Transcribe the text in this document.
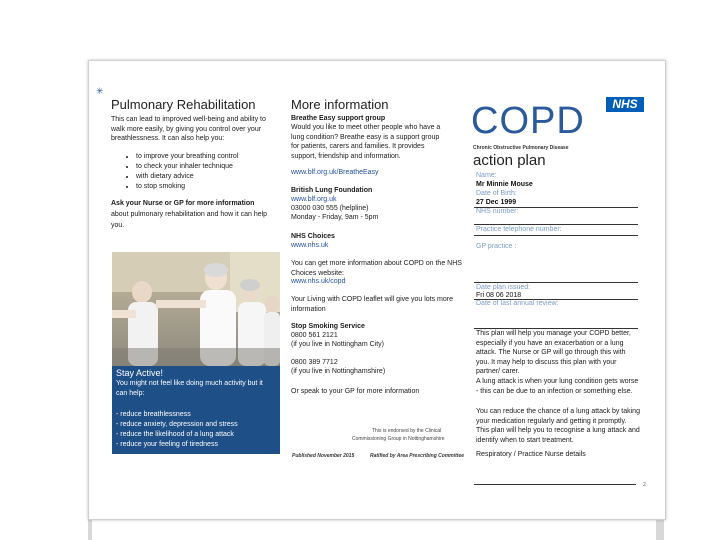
✳
Pulmonary Rehabilitation
This can lead to improved well-being and ability to walk more easily, by giving you control over your breathlessness. It can also help you:
• to improve your breathing control
• to check your inhaler technique
• with dietary advice
• to stop smoking
Ask your Nurse or GP for more information
about pulmonary rehabilitation and how it can help you.
Stay Active!
You might not feel like doing much activity but it can help:
- reduce breathlessness
- reduce anxiety, depression and stress
- reduce the likelihood of a lung attack
- reduce your feeling of tiredness
More information
Breathe Easy support group
Would you like to meet other people who have a lung condition? Breathe easy is a support group for patients, carers and families. It provides support, friendship and information.
www.blf.org.uk/BreatheEasy
British Lung Foundation
www.blf.org.uk
03000 030 555 (helpline)
Monday - Friday, 9am - 5pm
NHS Choices
www.nhs.uk
You can get more information about COPD on the NHS Choices website:
www.nhs.uk/copd
Your Living with COPD leaflet will give you lots more information
Stop Smoking Service
0800 561 2121
(if you live in Nottingham City)
0800 389 7712
(if you live in Nottinghamshire)
Or speak to your GP for more information
This is endorsed by the Clinical
Commissioning Group in Nottinghamshire
Published November 2015	Ratified by Area Prescribing Committee
NHS
COPD
Chronic Obstructive Pulmonary Disease
action plan
Name:
Mr Minnie Mouse
Date of Birth:
27 Dec 1999
NHS number:
Practice telephone number:
GP practice :
Date plan issued:
Fri 08 06 2018
Date of last annual review:
This plan will help you manage your COPD better, especially if you have an exacerbation or a lung attack. The Nurse or GP will go through this with you. It may help to discuss this plan with your partner/ carer.
A lung attack is when your lung condition gets worse - this can be due to an infection or something else.
You can reduce the chance of a lung attack by taking your medication regularly and getting it promptly. This plan will help you to recognise a lung attack and identify when to start treatment.
Respiratory / Practice Nurse details
2
